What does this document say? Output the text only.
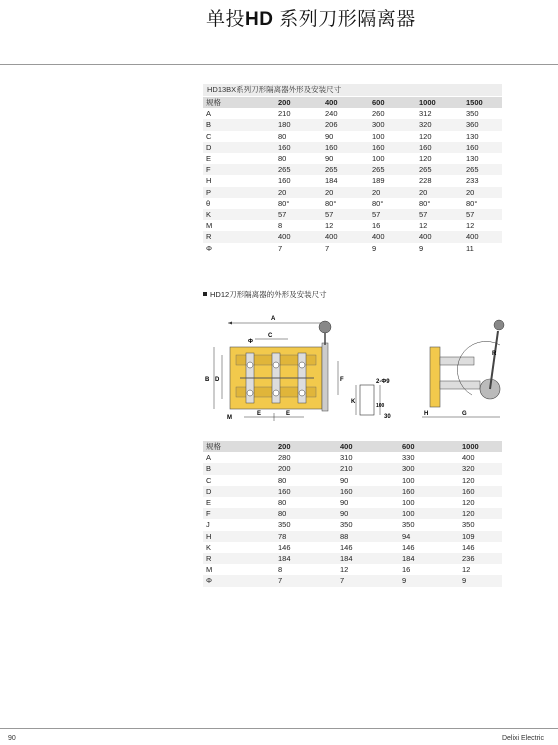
单投HD 系列刀形隔离器
HD13BX系列刀形隔离器外形及安装尺寸
规格	200	400	600	1000	1500
A	210	240	260	312	350
B	180	206	300	320	360
C	80	90	100	120	130
D	160	160	160	160	160
E	80	90	100	120	130
F	265	265	265	265	265
H	160	184	189	228	233
P	20	20	20	20	20
θ	80°	80°	80°	80°	80°
K	57	57	57	57	57
M	8	12	16	12	12
R	400	400	400	400	400
Φ	7	7	9	9	11
HD12刀形隔离器的外形及安装尺寸
A
C
Φ
B D	F
M
E	E
2-Φ9
K
100
30
R
H	G
规格	200	400	600	1000
A	280	310	330	400
B	200	210	300	320
C	80	90	100	120
D	160	160	160	160
E	80	90	100	120
F	80	90	100	120
J	350	350	350	350
H	78	88	94	109
K	146	146	146	146
R	184	184	184	236
M	8	12	16	12
Φ	7	7	9	9
90	Delixi Electric
